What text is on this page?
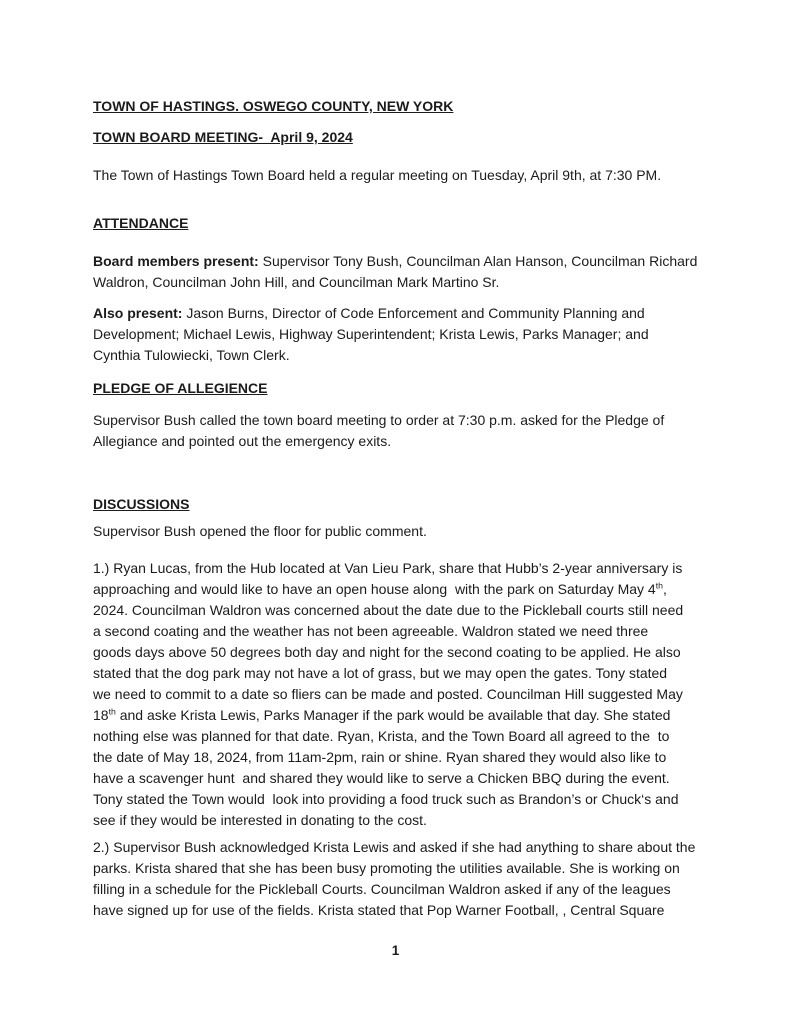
TOWN OF HASTINGS. OSWEGO COUNTY, NEW YORK
TOWN BOARD MEETING-  April 9, 2024
The Town of Hastings Town Board held a regular meeting on Tuesday, April 9th, at 7:30 PM.
ATTENDANCE
Board members present: Supervisor Tony Bush, Councilman Alan Hanson, Councilman Richard
Waldron, Councilman John Hill, and Councilman Mark Martino Sr.
Also present: Jason Burns, Director of Code Enforcement and Community Planning and
Development; Michael Lewis, Highway Superintendent; Krista Lewis, Parks Manager; and
Cynthia Tulowiecki, Town Clerk.
PLEDGE OF ALLEGIENCE
Supervisor Bush called the town board meeting to order at 7:30 p.m. asked for the Pledge of
Allegiance and pointed out the emergency exits.
DISCUSSIONS
Supervisor Bush opened the floor for public comment.
1.) Ryan Lucas, from the Hub located at Van Lieu Park, share that Hubb’s 2-year anniversary is
approaching and would like to have an open house along  with the park on Saturday May 4th,
2024. Councilman Waldron was concerned about the date due to the Pickleball courts still need
a second coating and the weather has not been agreeable. Waldron stated we need three
goods days above 50 degrees both day and night for the second coating to be applied. He also
stated that the dog park may not have a lot of grass, but we may open the gates. Tony stated
we need to commit to a date so fliers can be made and posted. Councilman Hill suggested May
18th and aske Krista Lewis, Parks Manager if the park would be available that day. She stated
nothing else was planned for that date. Ryan, Krista, and the Town Board all agreed to the  to
the date of May 18, 2024, from 11am-2pm, rain or shine. Ryan shared they would also like to
have a scavenger hunt  and shared they would like to serve a Chicken BBQ during the event.
Tony stated the Town would  look into providing a food truck such as Brandon’s or Chuck‘s and
see if they would be interested in donating to the cost.
2.) Supervisor Bush acknowledged Krista Lewis and asked if she had anything to share about the
parks. Krista shared that she has been busy promoting the utilities available. She is working on
filling in a schedule for the Pickleball Courts. Councilman Waldron asked if any of the leagues
have signed up for use of the fields. Krista stated that Pop Warner Football, , Central Square
1
